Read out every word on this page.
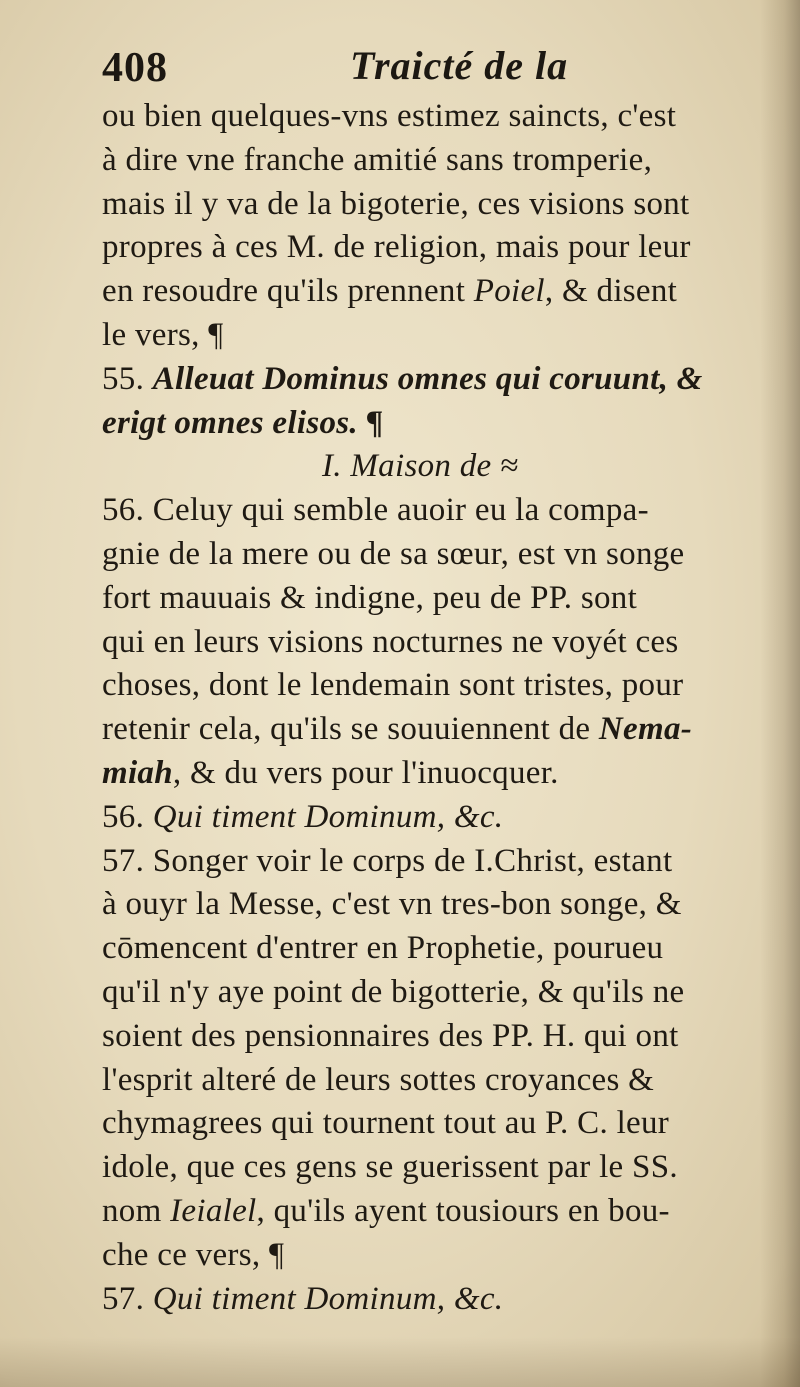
408	Traicté de la
ou bien quelques-vns estimez saincts, c'est
à dire vne franche amitié sans tromperie,
mais il y va de la bigoterie, ces visions sont
propres à ces M. de religion, mais pour leur
en resoudre qu'ils prennent Poiel, & disent
le vers, ¶
55. Alleuat Dominus omnes qui coruunt, &
erigt omnes elisos. ¶
I. Maison de ≈
56. Celuy qui semble auoir eu la compa-
gnie de la mere ou de sa sœur, est vn songe
fort mauuais & indigne, peu de PP. sont
qui en leurs visions nocturnes ne voyét ces
choses, dont le lendemain sont tristes, pour
retenir cela, qu'ils se souuiennent de Nema-
miah, & du vers pour l'inuocquer.
56. Qui timent Dominum, &c.
57. Songer voir le corps de I.Christ, estant
à ouyr la Messe, c'est vn tres-bon songe, &
cōmencent d'entrer en Prophetie, pourueu
qu'il n'y aye point de bigotterie, & qu'ils ne
soient des pensionnaires des PP. H. qui ont
l'esprit alteré de leurs sottes croyances &
chymagrees qui tournent tout au P. C. leur
idole, que ces gens se guerissent par le SS.
nom Ieialel, qu'ils ayent tousiours en bou-
che ce vers, ¶
57. Qui timent Dominum, &c.
